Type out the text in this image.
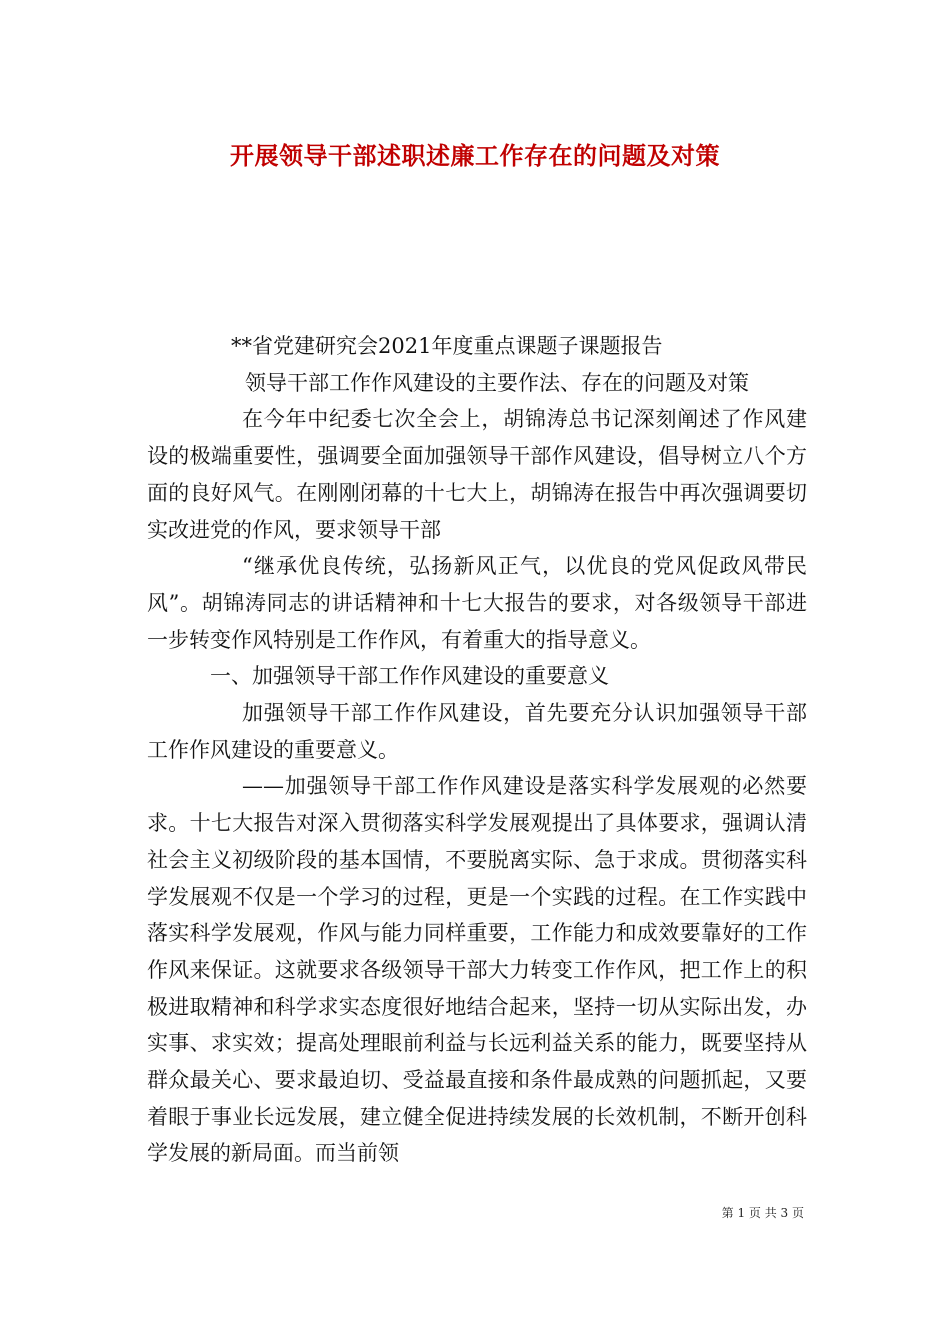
开展领导干部述职述廉工作存在的问题及对策

**省党建研究会2021年度重点课题子课题报告

领导干部工作作风建设的主要作法、存在的问题及对策

在今年中纪委七次全会上，胡锦涛总书记深刻阐述了作风建设的极端重要性，强调要全面加强领导干部作风建设，倡导树立八个方面的良好风气。在刚刚闭幕的十七大上，胡锦涛在报告中再次强调要切实改进党的作风，要求领导干部

“继承优良传统，弘扬新风正气，以优良的党风促政风带民风”。胡锦涛同志的讲话精神和十七大报告的要求，对各级领导干部进一步转变作风特别是工作作风，有着重大的指导意义。

一、加强领导干部工作作风建设的重要意义

加强领导干部工作作风建设，首先要充分认识加强领导干部工作作风建设的重要意义。

——加强领导干部工作作风建设是落实科学发展观的必然要求。十七大报告对深入贯彻落实科学发展观提出了具体要求，强调认清社会主义初级阶段的基本国情，不要脱离实际、急于求成。贯彻落实科学发展观不仅是一个学习的过程，更是一个实践的过程。在工作实践中落实科学发展观，作风与能力同样重要，工作能力和成效要靠好的工作作风来保证。这就要求各级领导干部大力转变工作作风，把工作上的积极进取精神和科学求实态度很好地结合起来，坚持一切从实际出发，办实事、求实效；提高处理眼前利益与长远利益关系的能力，既要坚持从群众最关心、要求最迫切、受益最直接和条件最成熟的问题抓起，又要着眼于事业长远发展，建立健全促进持续发展的长效机制，不断开创科学发展的新局面。而当前领

第 1 页 共 3 页
